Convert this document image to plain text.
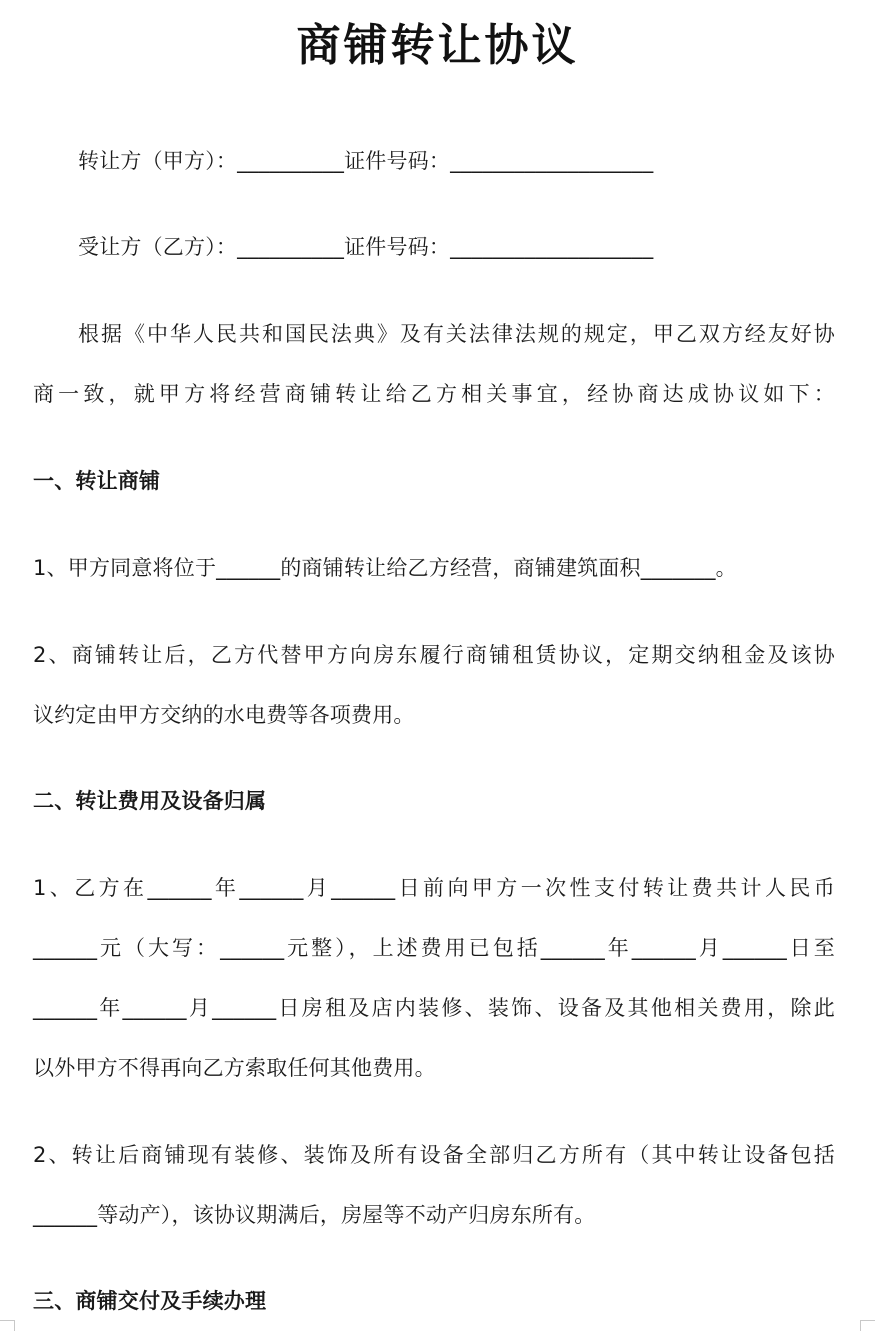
商铺转让协议
转让方（甲方）：__________证件号码：___________________
受让方（乙方）：__________证件号码：___________________
根据《中华人民共和国民法典》及有关法律法规的规定，甲乙双方经友好协
商一致，就甲方将经营商铺转让给乙方相关事宜，经协商达成协议如下：
一、转让商铺
1、甲方同意将位于______的商铺转让给乙方经营，商铺建筑面积_______。
2、商铺转让后，乙方代替甲方向房东履行商铺租赁协议，定期交纳租金及该协
议约定由甲方交纳的水电费等各项费用。
二、转让费用及设备归属
1、乙方在______年______月______日前向甲方一次性支付转让费共计人民币
______元（大写：______元整），上述费用已包括______年______月______日至
______年______月______日房租及店内装修、装饰、设备及其他相关费用，除此
以外甲方不得再向乙方索取任何其他费用。
2、转让后商铺现有装修、装饰及所有设备全部归乙方所有（其中转让设备包括
______等动产），该协议期满后，房屋等不动产归房东所有。
三、商铺交付及手续办理
